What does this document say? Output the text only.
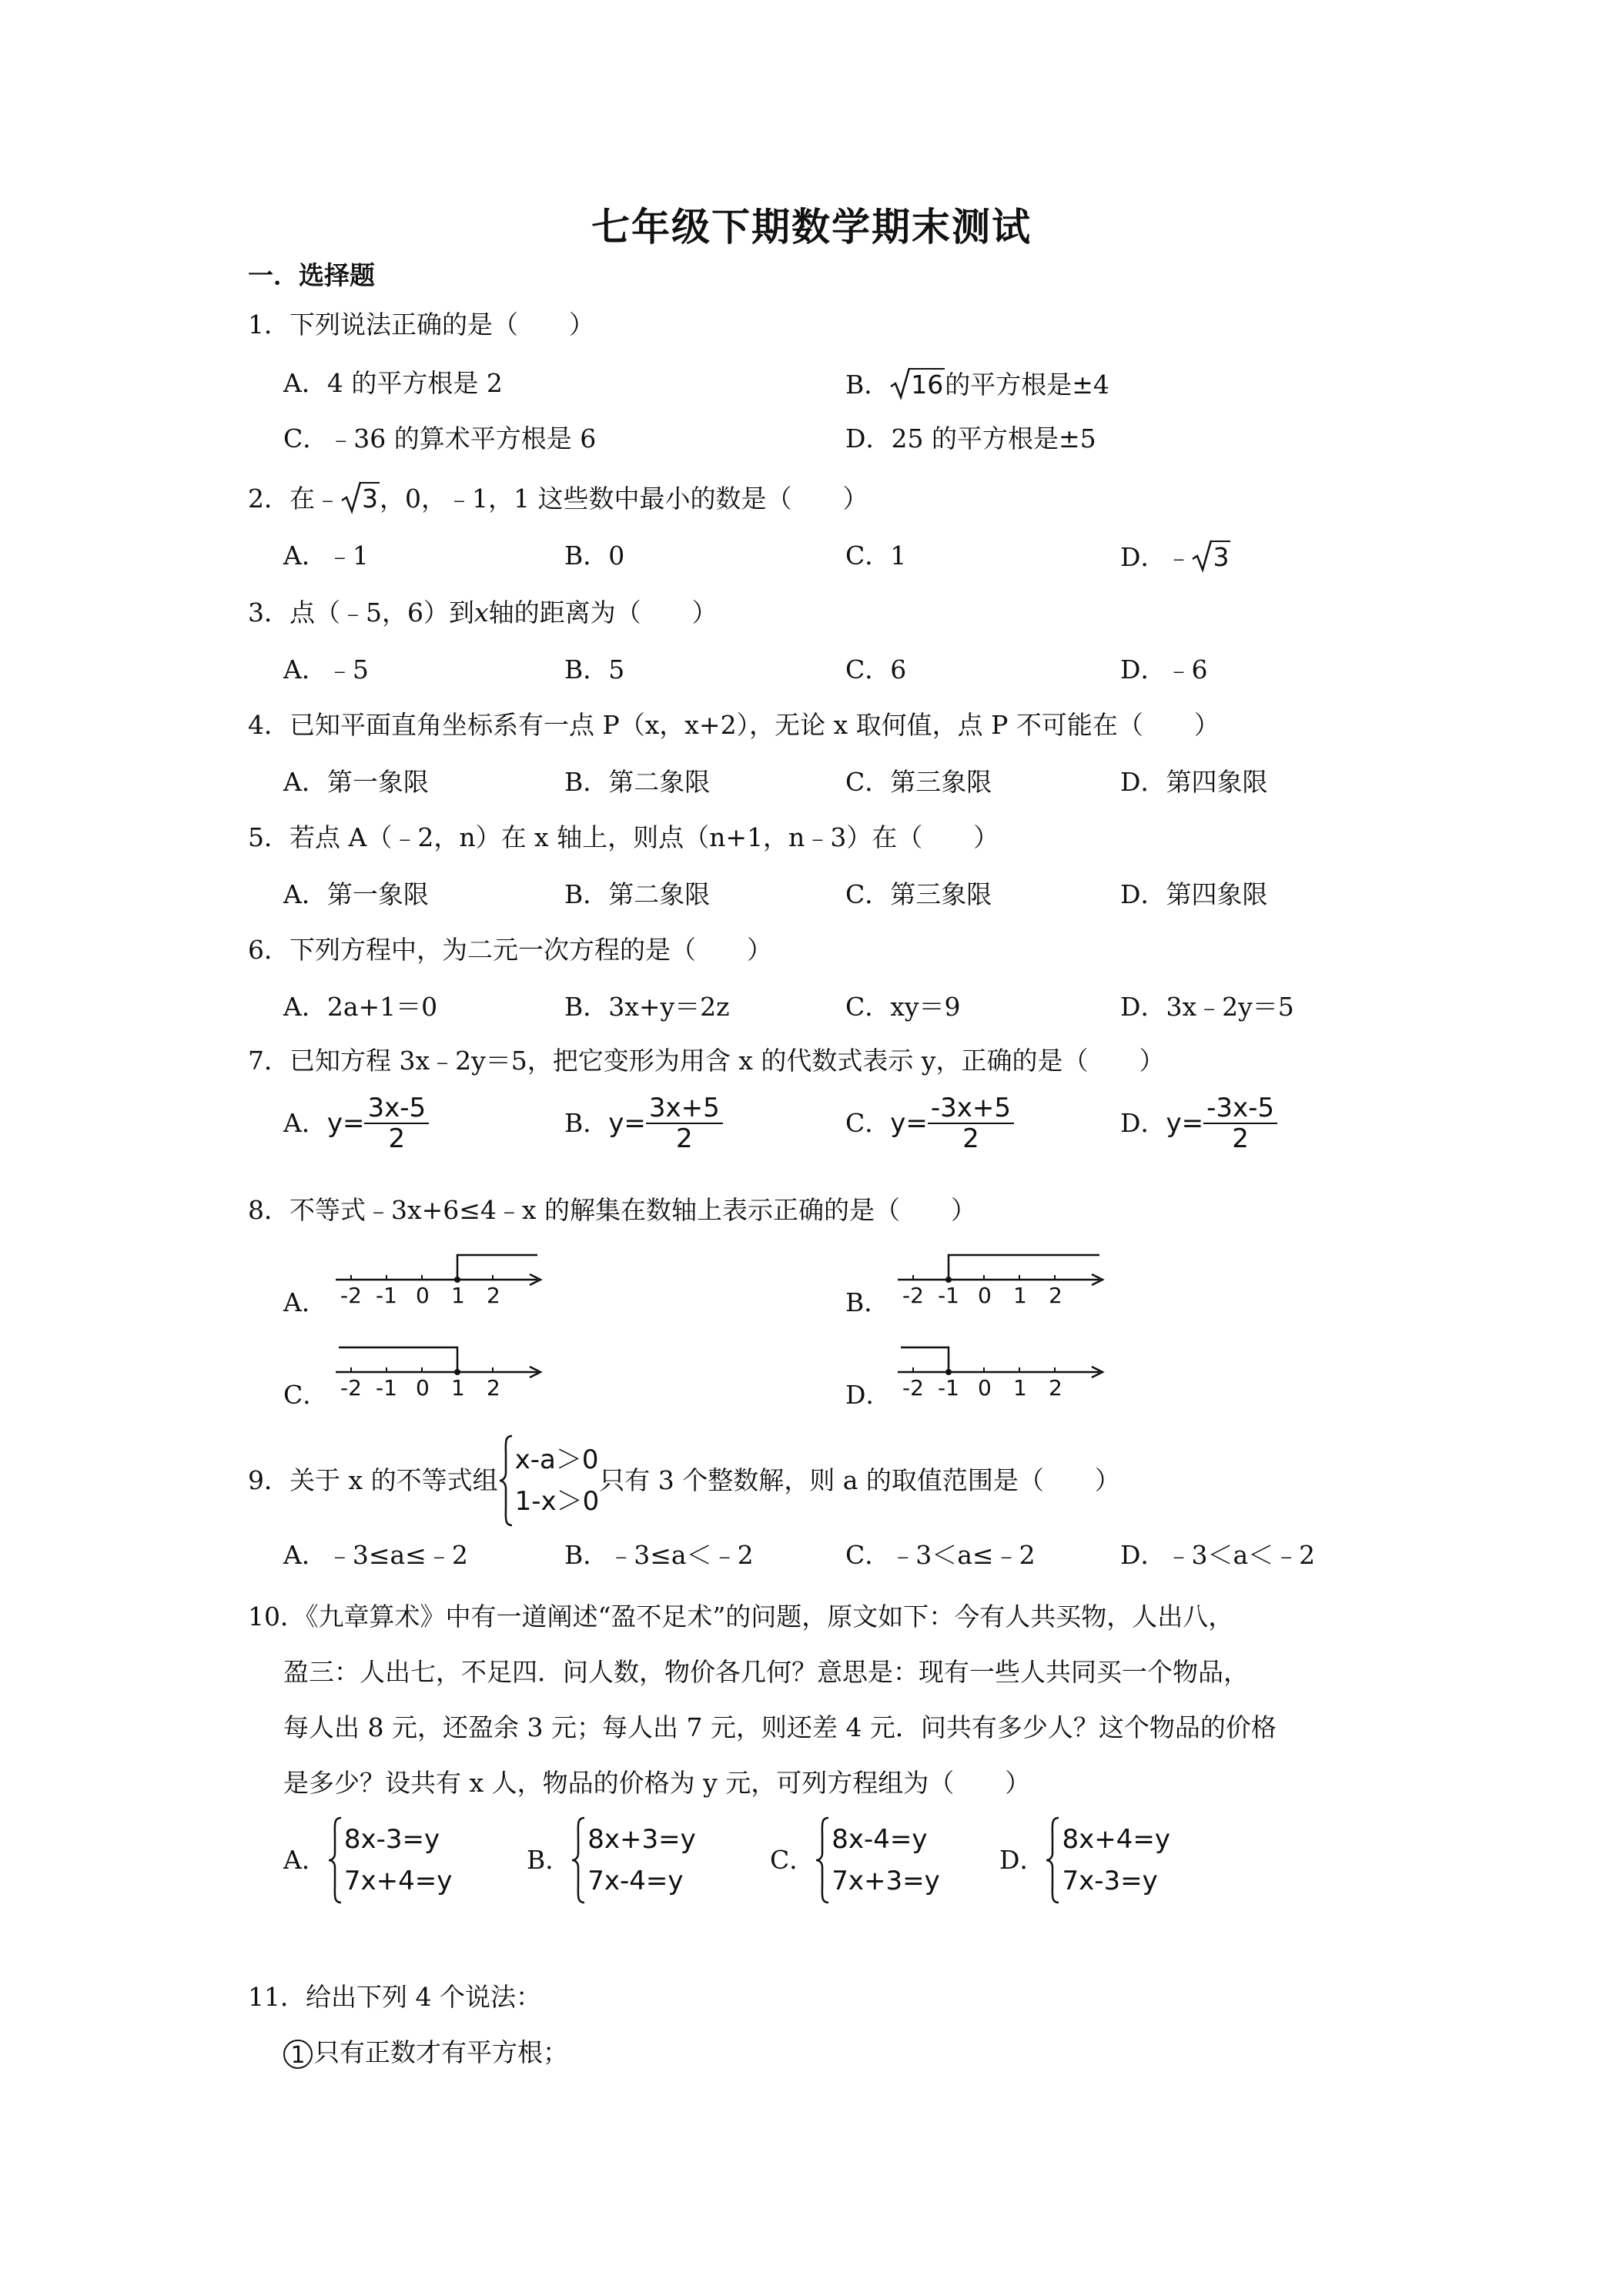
七年级下期数学期末测试
一．选择题
1．下列说法正确的是（　　）
A．4 的平方根是 2	B． 16的平方根是±4
C．﹣36 的算术平方根是 6	D．25 的平方根是±5
2．在﹣ 3，0，﹣1，1 这些数中最小的数是（　　）
A．﹣1	B．0	C．1	D．﹣ 3
3．点（﹣5，6）到x轴的距离为（　　）
A．﹣5	B．5	C．6	D．﹣6
4．已知平面直角坐标系有一点 P（x，x+2），无论 x 取何值，点 P 不可能在（　　）
A．第一象限	B．第二象限	C．第三象限	D．第四象限
5．若点 A（﹣2，n）在 x 轴上，则点（n+1，n﹣3）在（　　）
A．第一象限	B．第二象限	C．第三象限	D．第四象限
6．下列方程中，为二元一次方程的是（　　）
A．2a+1＝0	B．3x+y＝2z	C．xy＝9	D．3x﹣2y＝5
7．已知方程 3x﹣2y＝5，把它变形为用含 x 的代数式表示 y，正确的是（　　）
A．$y= \frac{3x-5}{2}$	B．$y= \frac{3x+5}{2}$	C．$y= \frac{-3x+5}{2}$	D．$y= \frac{-3x-5}{2}$
8．不等式﹣3x+6≤4﹣x 的解集在数轴上表示正确的是（　　）
A． -2 -1 0 1 2	B． -2 -1 0 1 2
C． -2 -1 0 1 2	D． -2 -1 0 1 2
9． 关于 x 的不等式组
x-a＞0
1-x＞0
只有 3 个整数解，则 a 的取值范围是（　　）
A．﹣3≤a≤﹣2	B．﹣3≤a＜﹣2	C．﹣3＜a≤﹣2	D．﹣3＜a＜﹣2
10．《九章算术》中有一道阐述“盈不足术”的问题，原文如下：今有人共买物，人出八，
盈三：人出七，不足四．问人数，物价各几何？意思是：现有一些人共同买一个物品，
每人出 8 元，还盈余 3 元；每人出 7 元，则还差 4 元．问共有多少人？这个物品的价格
是多少？设共有 x 人，物品的价格为 y 元，可列方程组为（　　）
A．
8x-3=y
7x+4=y
B．
8x+3=y
7x-4=y
C．
8x-4=y
7x+3=y
D．
8x+4=y
7x-3=y
11．给出下列 4 个说法：
1 只有正数才有平方根；
